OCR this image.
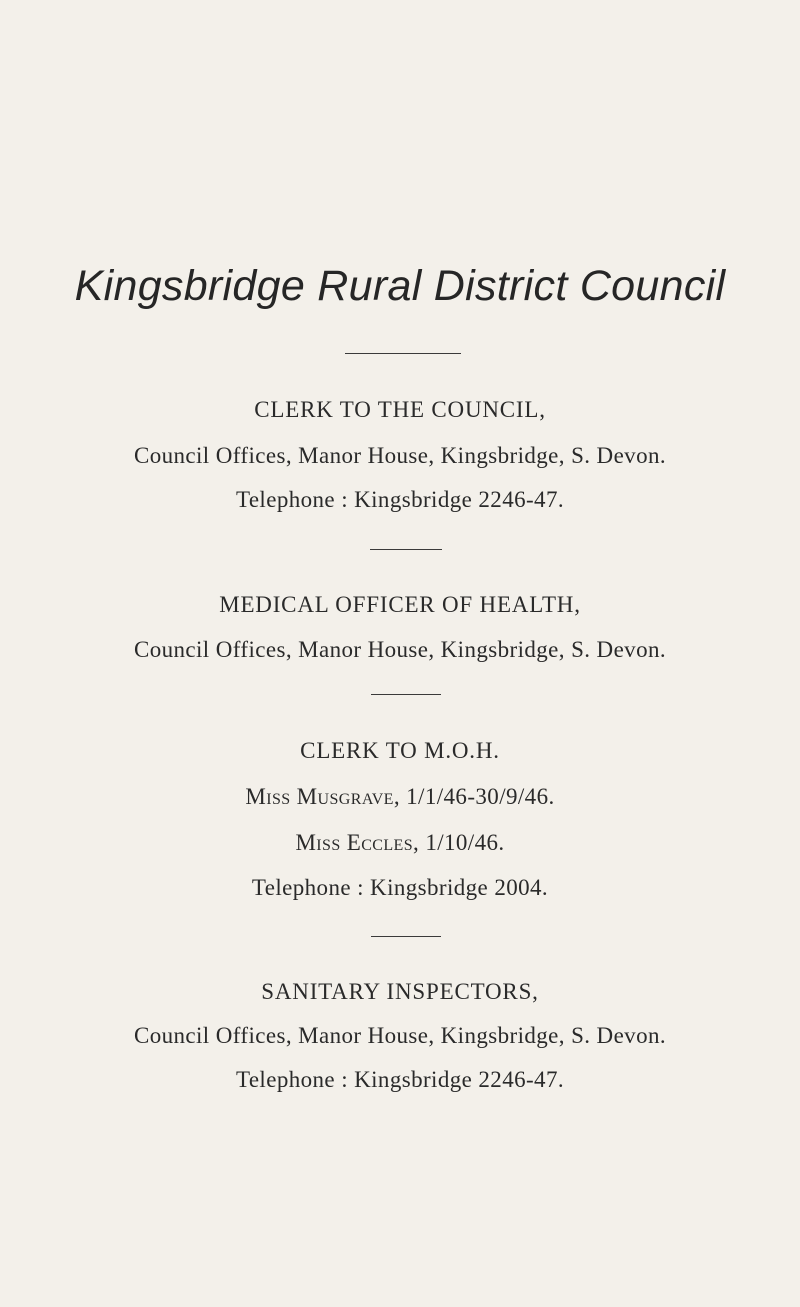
Kingsbridge Rural District Council
CLERK TO THE COUNCIL,
Council Offices, Manor House, Kingsbridge, S. Devon.
Telephone : Kingsbridge 2246-47.
MEDICAL OFFICER OF HEALTH,
Council Offices, Manor House, Kingsbridge, S. Devon.
CLERK TO M.O.H.
Miss Musgrave, 1/1/46-30/9/46.
Miss Eccles, 1/10/46.
Telephone : Kingsbridge 2004.
SANITARY INSPECTORS,
Council Offices, Manor House, Kingsbridge, S. Devon.
Telephone : Kingsbridge 2246-47.
